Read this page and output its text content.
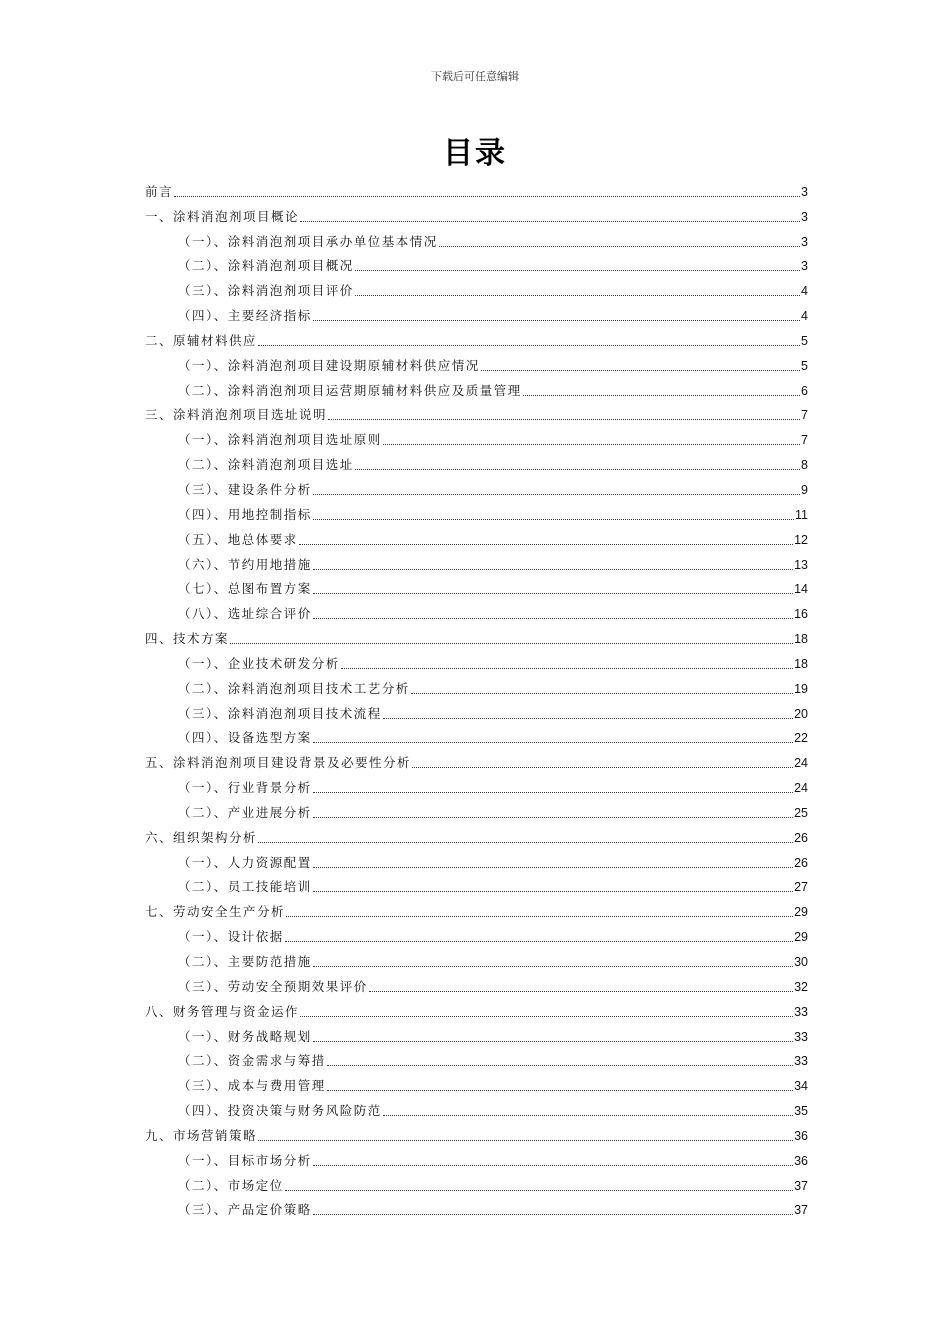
下载后可任意编辑
目录
前言	3
一、涂料消泡剂项目概论	3
（一）、涂料消泡剂项目承办单位基本情况	3
（二）、涂料消泡剂项目概况	3
（三）、涂料消泡剂项目评价	4
（四）、主要经济指标	4
二、原辅材料供应	5
（一）、涂料消泡剂项目建设期原辅材料供应情况	5
（二）、涂料消泡剂项目运营期原辅材料供应及质量管理	6
三、涂料消泡剂项目选址说明	7
（一）、涂料消泡剂项目选址原则	7
（二）、涂料消泡剂项目选址	8
（三）、建设条件分析	9
（四）、用地控制指标	11
（五）、地总体要求	12
（六）、节约用地措施	13
（七）、总图布置方案	14
（八）、选址综合评价	16
四、技术方案	18
（一）、企业技术研发分析	18
（二）、涂料消泡剂项目技术工艺分析	19
（三）、涂料消泡剂项目技术流程	20
（四）、设备选型方案	22
五、涂料消泡剂项目建设背景及必要性分析	24
（一）、行业背景分析	24
（二）、产业进展分析	25
六、组织架构分析	26
（一）、人力资源配置	26
（二）、员工技能培训	27
七、劳动安全生产分析	29
（一）、设计依据	29
（二）、主要防范措施	30
（三）、劳动安全预期效果评价	32
八、财务管理与资金运作	33
（一）、财务战略规划	33
（二）、资金需求与筹措	33
（三）、成本与费用管理	34
（四）、投资决策与财务风险防范	35
九、市场营销策略	36
（一）、目标市场分析	36
（二）、市场定位	37
（三）、产品定价策略	37
